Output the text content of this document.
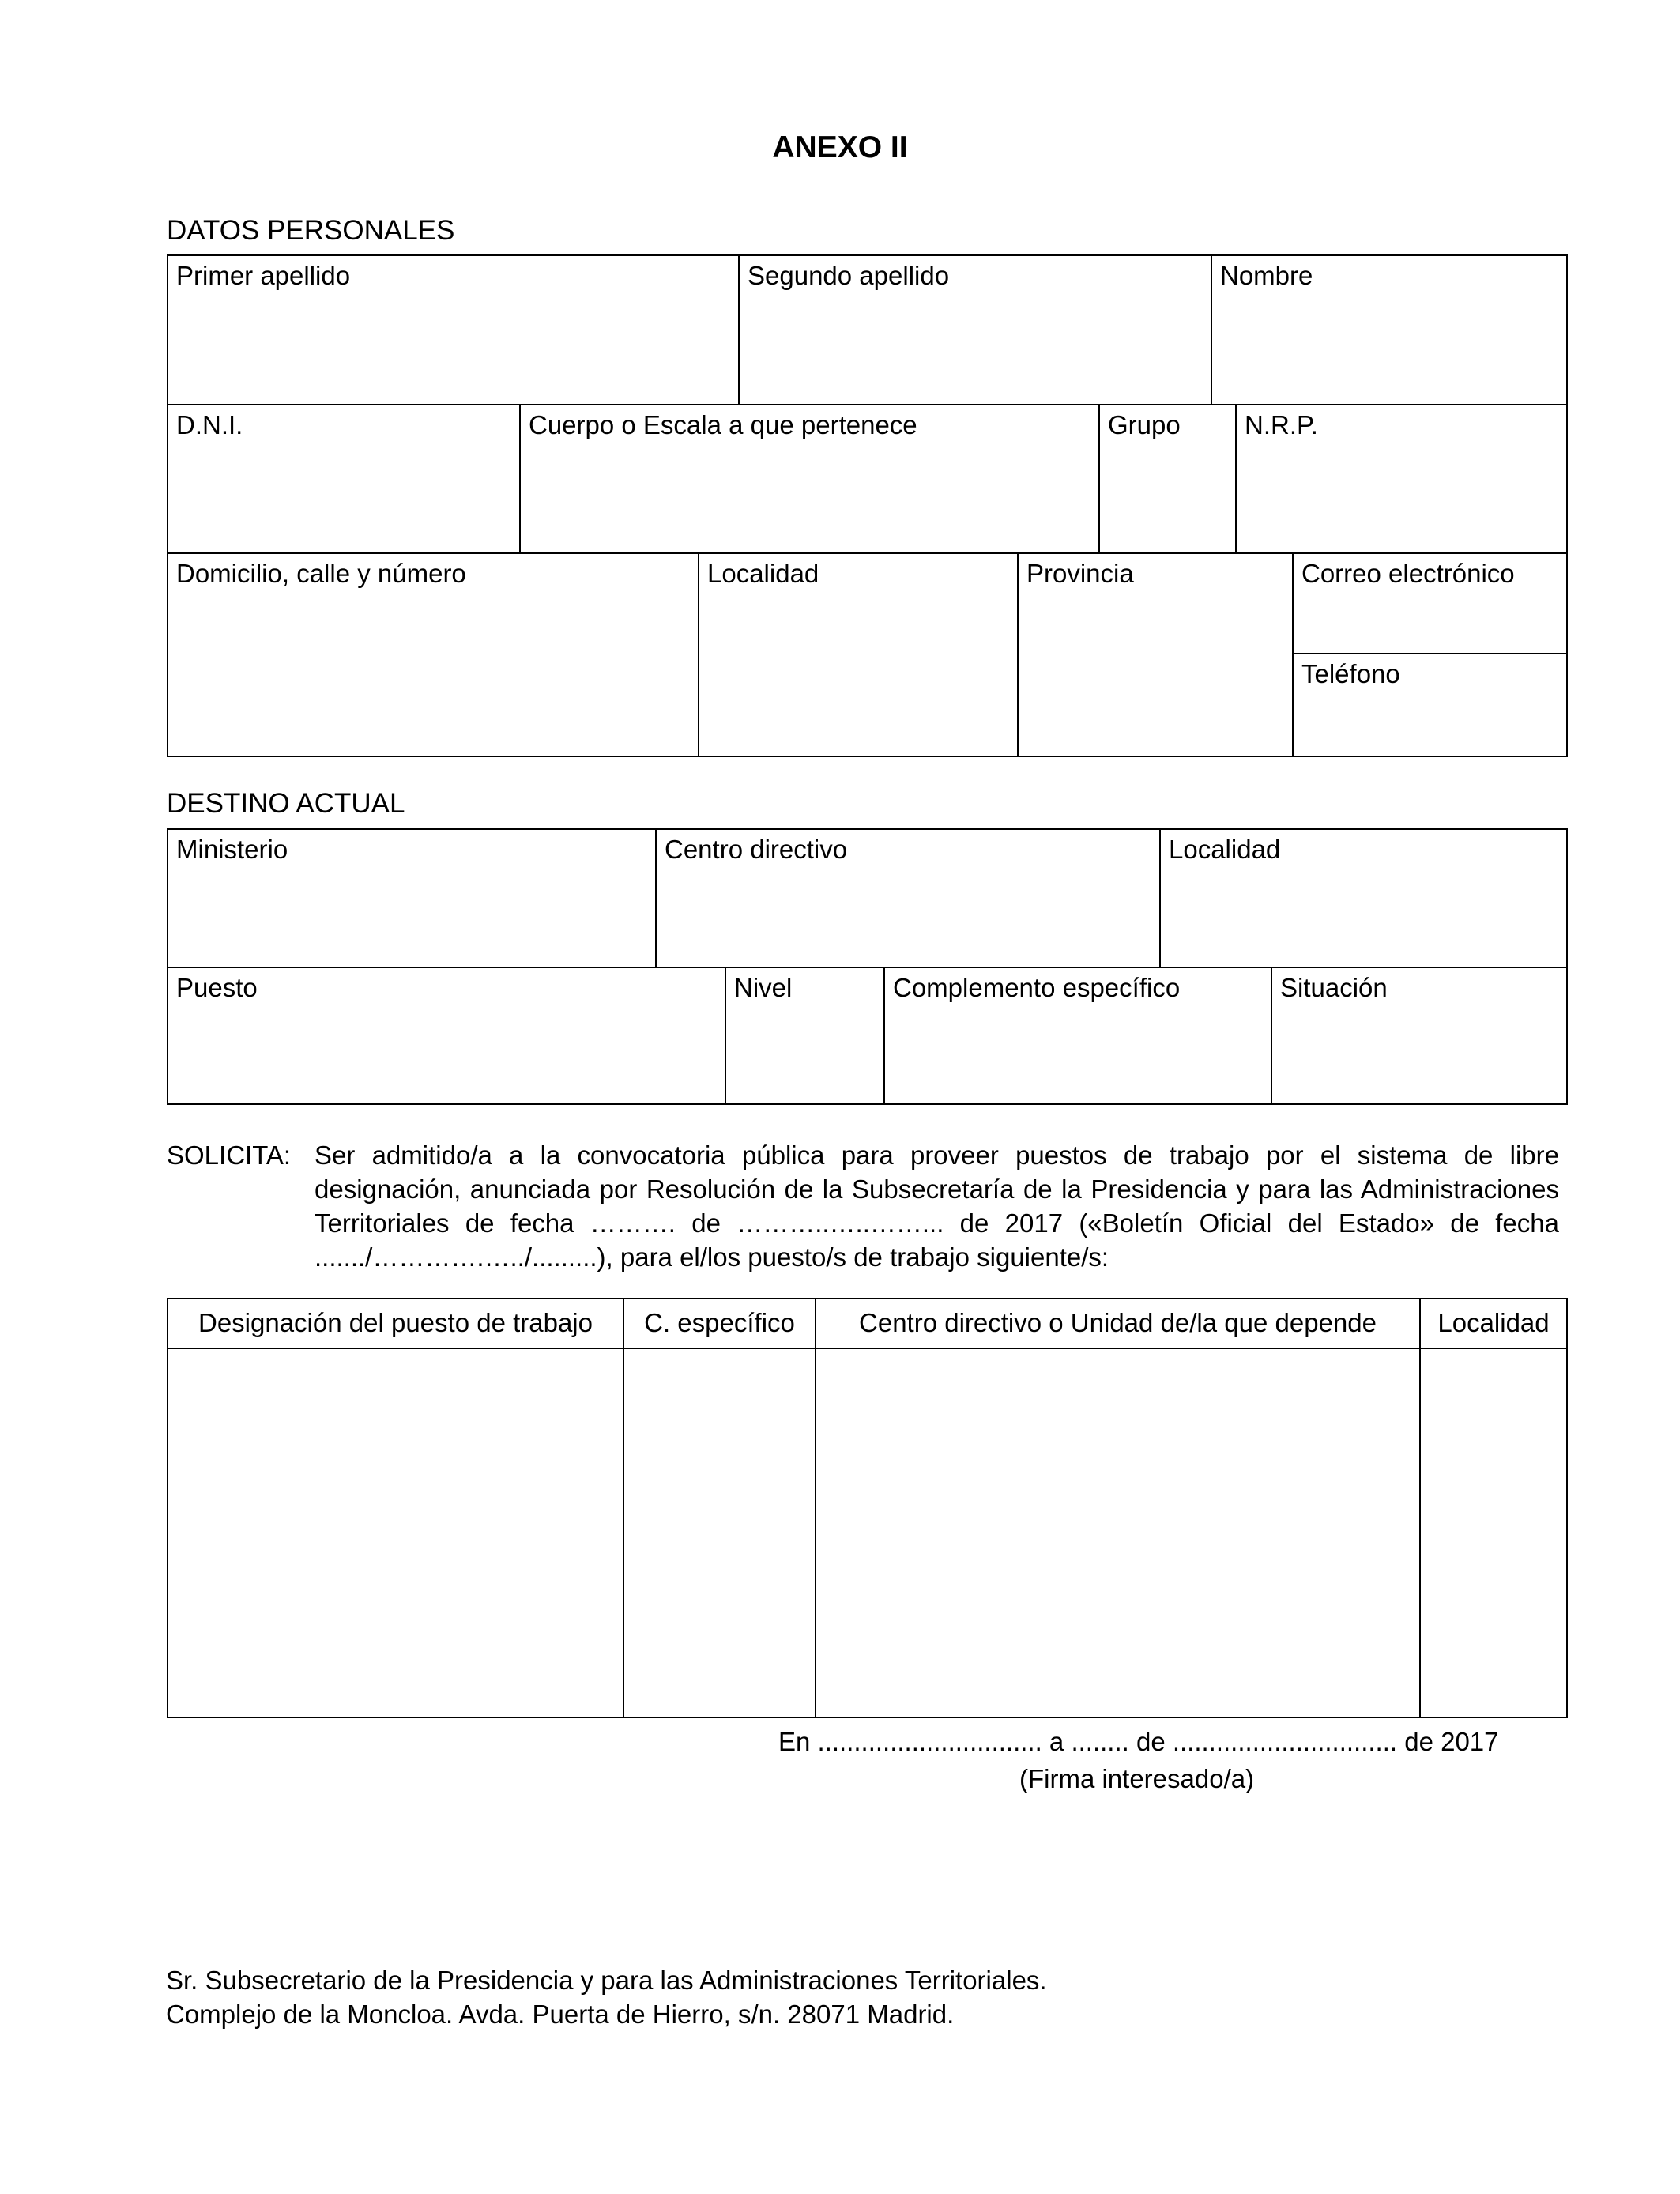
ANEXO II
DATOS PERSONALES
Primer apellido	Segundo apellido	Nombre
D.N.I.	Cuerpo o Escala a que pertenece	Grupo	N.R.P.
Domicilio, calle y número	Localidad	Provincia	Correo electrónico
Teléfono
DESTINO ACTUAL
Ministerio	Centro directivo	Localidad
Puesto	Nivel	Complemento específico	Situación
SOLICITA: Ser admitido/a a la convocatoria pública para proveer puestos de trabajo por el sistema de libre designación, anunciada por Resolución de la Subsecretaría de la Presidencia y para las Administraciones Territoriales de fecha ………. de ………..…..……... de 2017 («Boletín Oficial del Estado» de fecha ......./………….…../.........), para el/los puesto/s de trabajo siguiente/s:
Designación del puesto de trabajo	C. específico	Centro directivo o Unidad de/la que depende	Localidad
En ............................... a ........ de ............................... de 2017
(Firma interesado/a)
Sr. Subsecretario de la Presidencia y para las Administraciones Territoriales.
Complejo de la Moncloa. Avda. Puerta de Hierro, s/n. 28071 Madrid.
